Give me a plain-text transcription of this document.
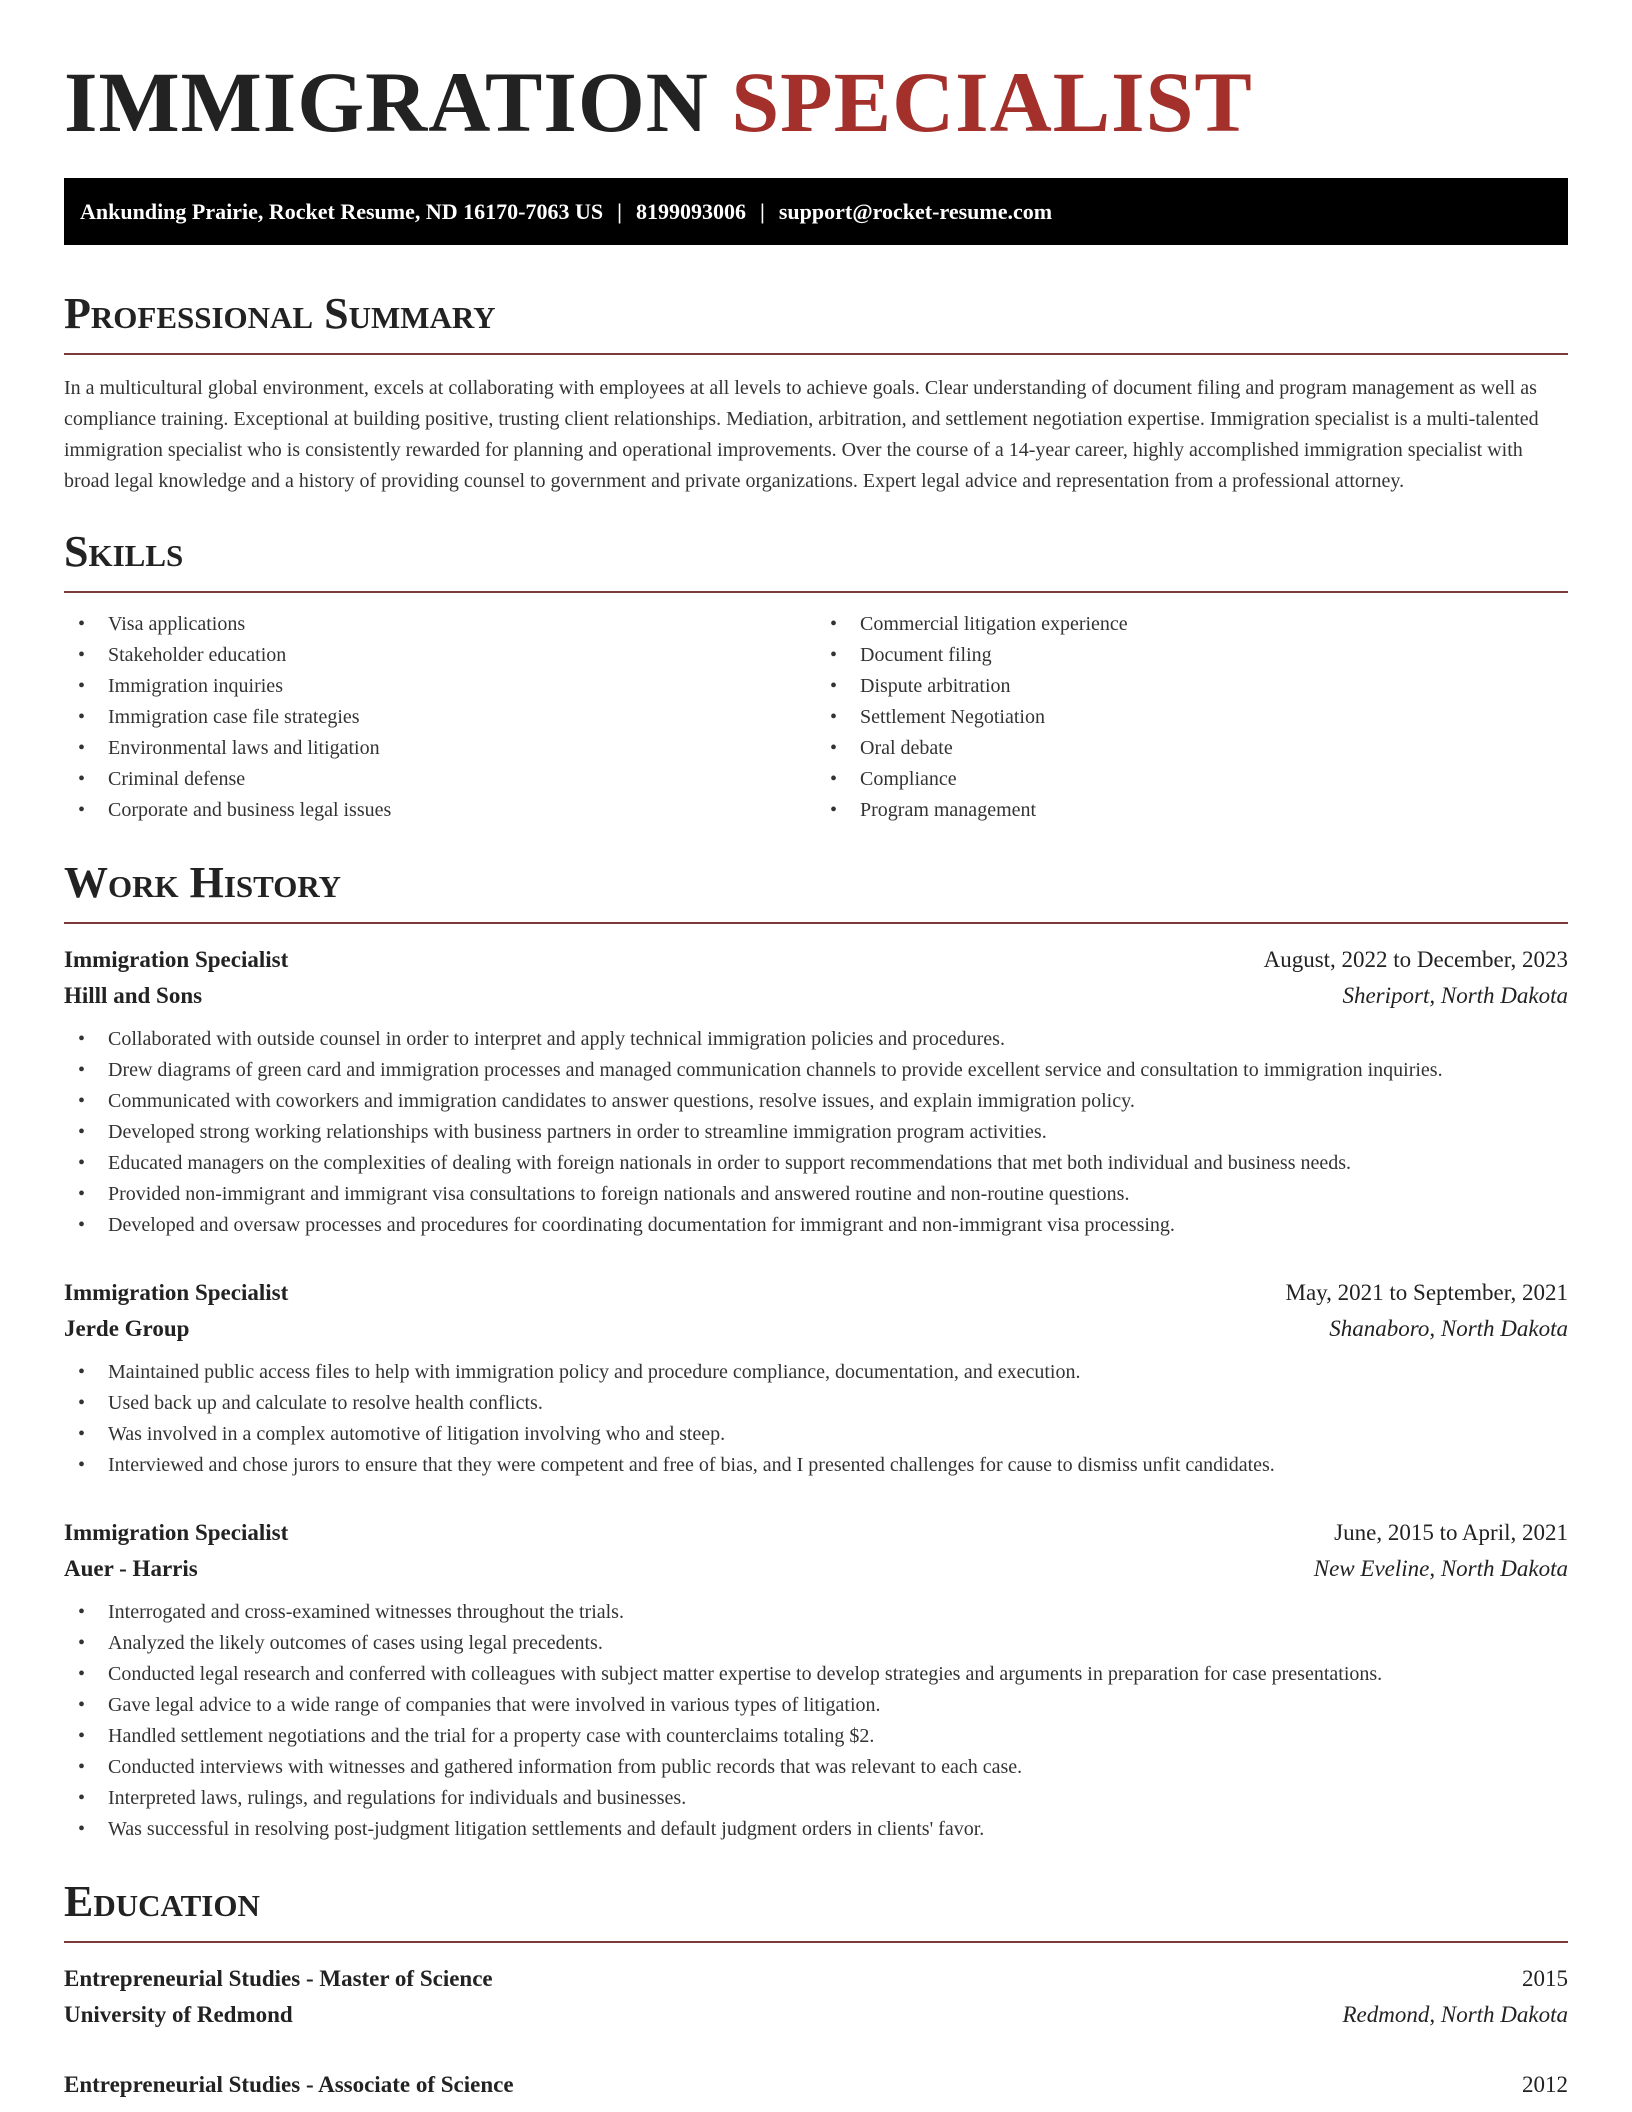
IMMIGRATION SPECIALIST
Ankunding Prairie, Rocket Resume, ND 16170-7063 US | 8199093006 | support@rocket-resume.com
Professional Summary

In a multicultural global environment, excels at collaborating with employees at all levels to achieve goals. Clear understanding of document filing and program management as well as compliance training. Exceptional at building positive, trusting client relationships. Mediation, arbitration, and settlement negotiation expertise. Immigration specialist is a multi-talented immigration specialist who is consistently rewarded for planning and operational improvements. Over the course of a 14-year career, highly accomplished immigration specialist with broad legal knowledge and a history of providing counsel to government and private organizations. Expert legal advice and representation from a professional attorney.

Skills
• Visa applications
• Stakeholder education
• Immigration inquiries
• Immigration case file strategies
• Environmental laws and litigation
• Criminal defense
• Corporate and business legal issues
• Commercial litigation experience
• Document filing
• Dispute arbitration
• Settlement Negotiation
• Oral debate
• Compliance
• Program management
Work History
Immigration Specialist	August, 2022 to December, 2023
Hilll and Sons	Sheriport, North Dakota
• Collaborated with outside counsel in order to interpret and apply technical immigration policies and procedures.
• Drew diagrams of green card and immigration processes and managed communication channels to provide excellent service and consultation to immigration inquiries.
• Communicated with coworkers and immigration candidates to answer questions, resolve issues, and explain immigration policy.
• Developed strong working relationships with business partners in order to streamline immigration program activities.
• Educated managers on the complexities of dealing with foreign nationals in order to support recommendations that met both individual and business needs.
• Provided non-immigrant and immigrant visa consultations to foreign nationals and answered routine and non-routine questions.
• Developed and oversaw processes and procedures for coordinating documentation for immigrant and non-immigrant visa processing.
Immigration Specialist	May, 2021 to September, 2021
Jerde Group	Shanaboro, North Dakota
• Maintained public access files to help with immigration policy and procedure compliance, documentation, and execution.
• Used back up and calculate to resolve health conflicts.
• Was involved in a complex automotive of litigation involving who and steep.
• Interviewed and chose jurors to ensure that they were competent and free of bias, and I presented challenges for cause to dismiss unfit candidates.
Immigration Specialist	June, 2015 to April, 2021
Auer - Harris	New Eveline, North Dakota
• Interrogated and cross-examined witnesses throughout the trials.
• Analyzed the likely outcomes of cases using legal precedents.
• Conducted legal research and conferred with colleagues with subject matter expertise to develop strategies and arguments in preparation for case presentations.
• Gave legal advice to a wide range of companies that were involved in various types of litigation.
• Handled settlement negotiations and the trial for a property case with counterclaims totaling $2.
• Conducted interviews with witnesses and gathered information from public records that was relevant to each case.
• Interpreted laws, rulings, and regulations for individuals and businesses.
• Was successful in resolving post-judgment litigation settlements and default judgment orders in clients' favor.
Education
Entrepreneurial Studies - Master of Science	2015
University of Redmond	Redmond, North Dakota
Entrepreneurial Studies - Associate of Science	2012
